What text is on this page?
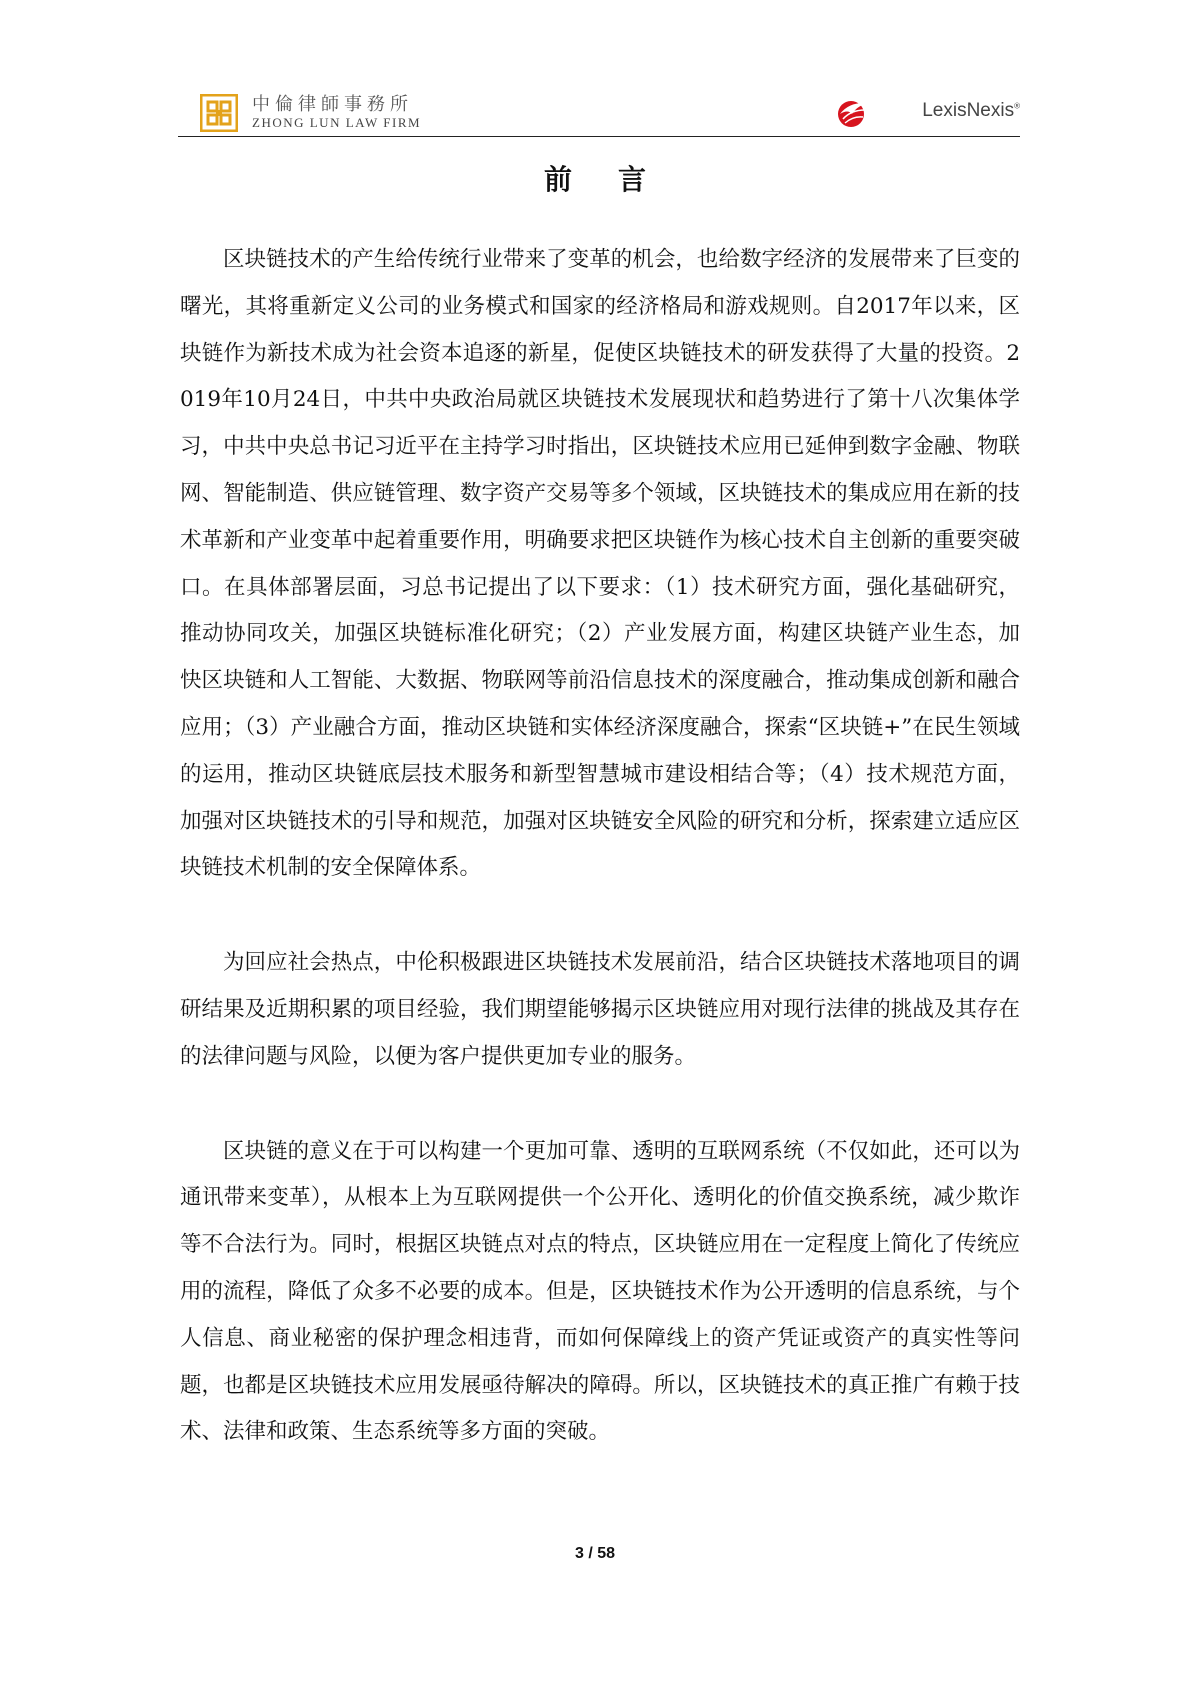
中倫律師事務所
ZHONG LUN LAW FIRM
LexisNexis®
前言

区块链技术的产生给传统行业带来了变革的机会，也给数字经济的发展带来了巨变的曙光，其将重新定义公司的业务模式和国家的经济格局和游戏规则。自2017年以来，区块链作为新技术成为社会资本追逐的新星，促使区块链技术的研发获得了大量的投资。2019年10月24日，中共中央政治局就区块链技术发展现状和趋势进行了第十八次集体学习，中共中央总书记习近平在主持学习时指出，区块链技术应用已延伸到数字金融、物联网、智能制造、供应链管理、数字资产交易等多个领域，区块链技术的集成应用在新的技术革新和产业变革中起着重要作用，明确要求把区块链作为核心技术自主创新的重要突破口。在具体部署层面，习总书记提出了以下要求：（1）技术研究方面，强化基础研究，推动协同攻关，加强区块链标准化研究；（2）产业发展方面，构建区块链产业生态，加快区块链和人工智能、大数据、物联网等前沿信息技术的深度融合，推动集成创新和融合应用；（3）产业融合方面，推动区块链和实体经济深度融合，探索“区块链+”在民生领域的运用，推动区块链底层技术服务和新型智慧城市建设相结合等；（4）技术规范方面，加强对区块链技术的引导和规范，加强对区块链安全风险的研究和分析，探索建立适应区块链技术机制的安全保障体系。

为回应社会热点，中伦积极跟进区块链技术发展前沿，结合区块链技术落地项目的调研结果及近期积累的项目经验，我们期望能够揭示区块链应用对现行法律的挑战及其存在的法律问题与风险，以便为客户提供更加专业的服务。

区块链的意义在于可以构建一个更加可靠、透明的互联网系统（不仅如此，还可以为通讯带来变革），从根本上为互联网提供一个公开化、透明化的价值交换系统，减少欺诈等不合法行为。同时，根据区块链点对点的特点，区块链应用在一定程度上简化了传统应用的流程，降低了众多不必要的成本。但是，区块链技术作为公开透明的信息系统，与个人信息、商业秘密的保护理念相违背，而如何保障线上的资产凭证或资产的真实性等问题，也都是区块链技术应用发展亟待解决的障碍。所以，区块链技术的真正推广有赖于技术、法律和政策、生态系统等多方面的突破。

3 / 58
